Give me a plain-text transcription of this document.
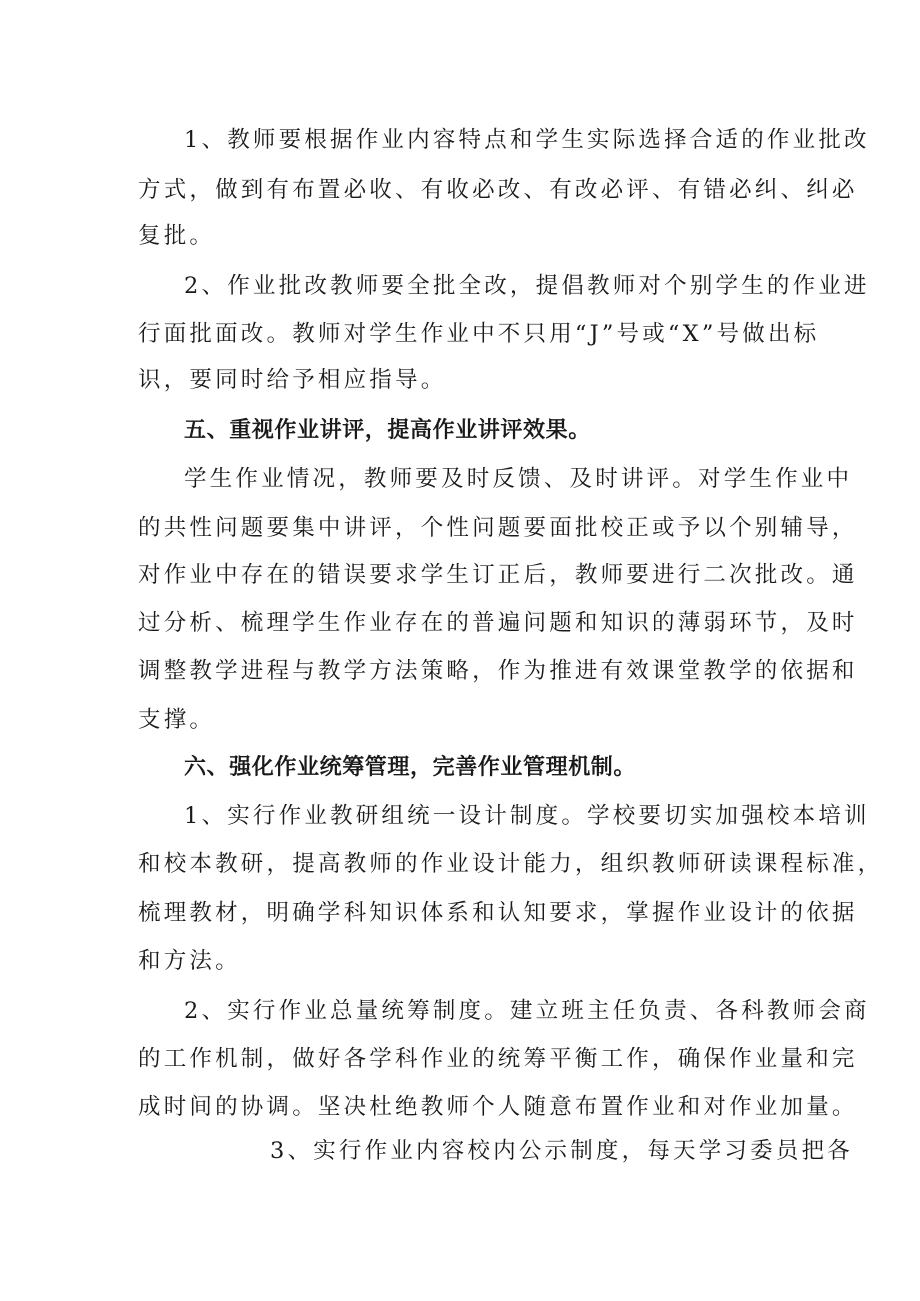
1、教师要根据作业内容特点和学生实际选择合适的作业批改

方式，做到有布置必收、有收必改、有改必评、有错必纠、纠必

复批。

2、作业批改教师要全批全改，提倡教师对个别学生的作业进

行面批面改。教师对学生作业中不只用“J”号或“X”号做出标

识，要同时给予相应指导。

五、重视作业讲评，提高作业讲评效果。

学生作业情况，教师要及时反馈、及时讲评。对学生作业中

的共性问题要集中讲评，个性问题要面批校正或予以个别辅导，

对作业中存在的错误要求学生订正后，教师要进行二次批改。通

过分析、梳理学生作业存在的普遍问题和知识的薄弱环节，及时

调整教学进程与教学方法策略，作为推进有效课堂教学的依据和

支撑。

六、强化作业统筹管理，完善作业管理机制。

1、实行作业教研组统一设计制度。学校要切实加强校本培训

和校本教研，提高教师的作业设计能力，组织教师研读课程标准，

梳理教材，明确学科知识体系和认知要求，掌握作业设计的依据

和方法。

2、实行作业总量统筹制度。建立班主任负责、各科教师会商

的工作机制，做好各学科作业的统筹平衡工作，确保作业量和完

成时间的协调。坚决杜绝教师个人随意布置作业和对作业加量。

3、实行作业内容校内公示制度，每天学习委员把各
